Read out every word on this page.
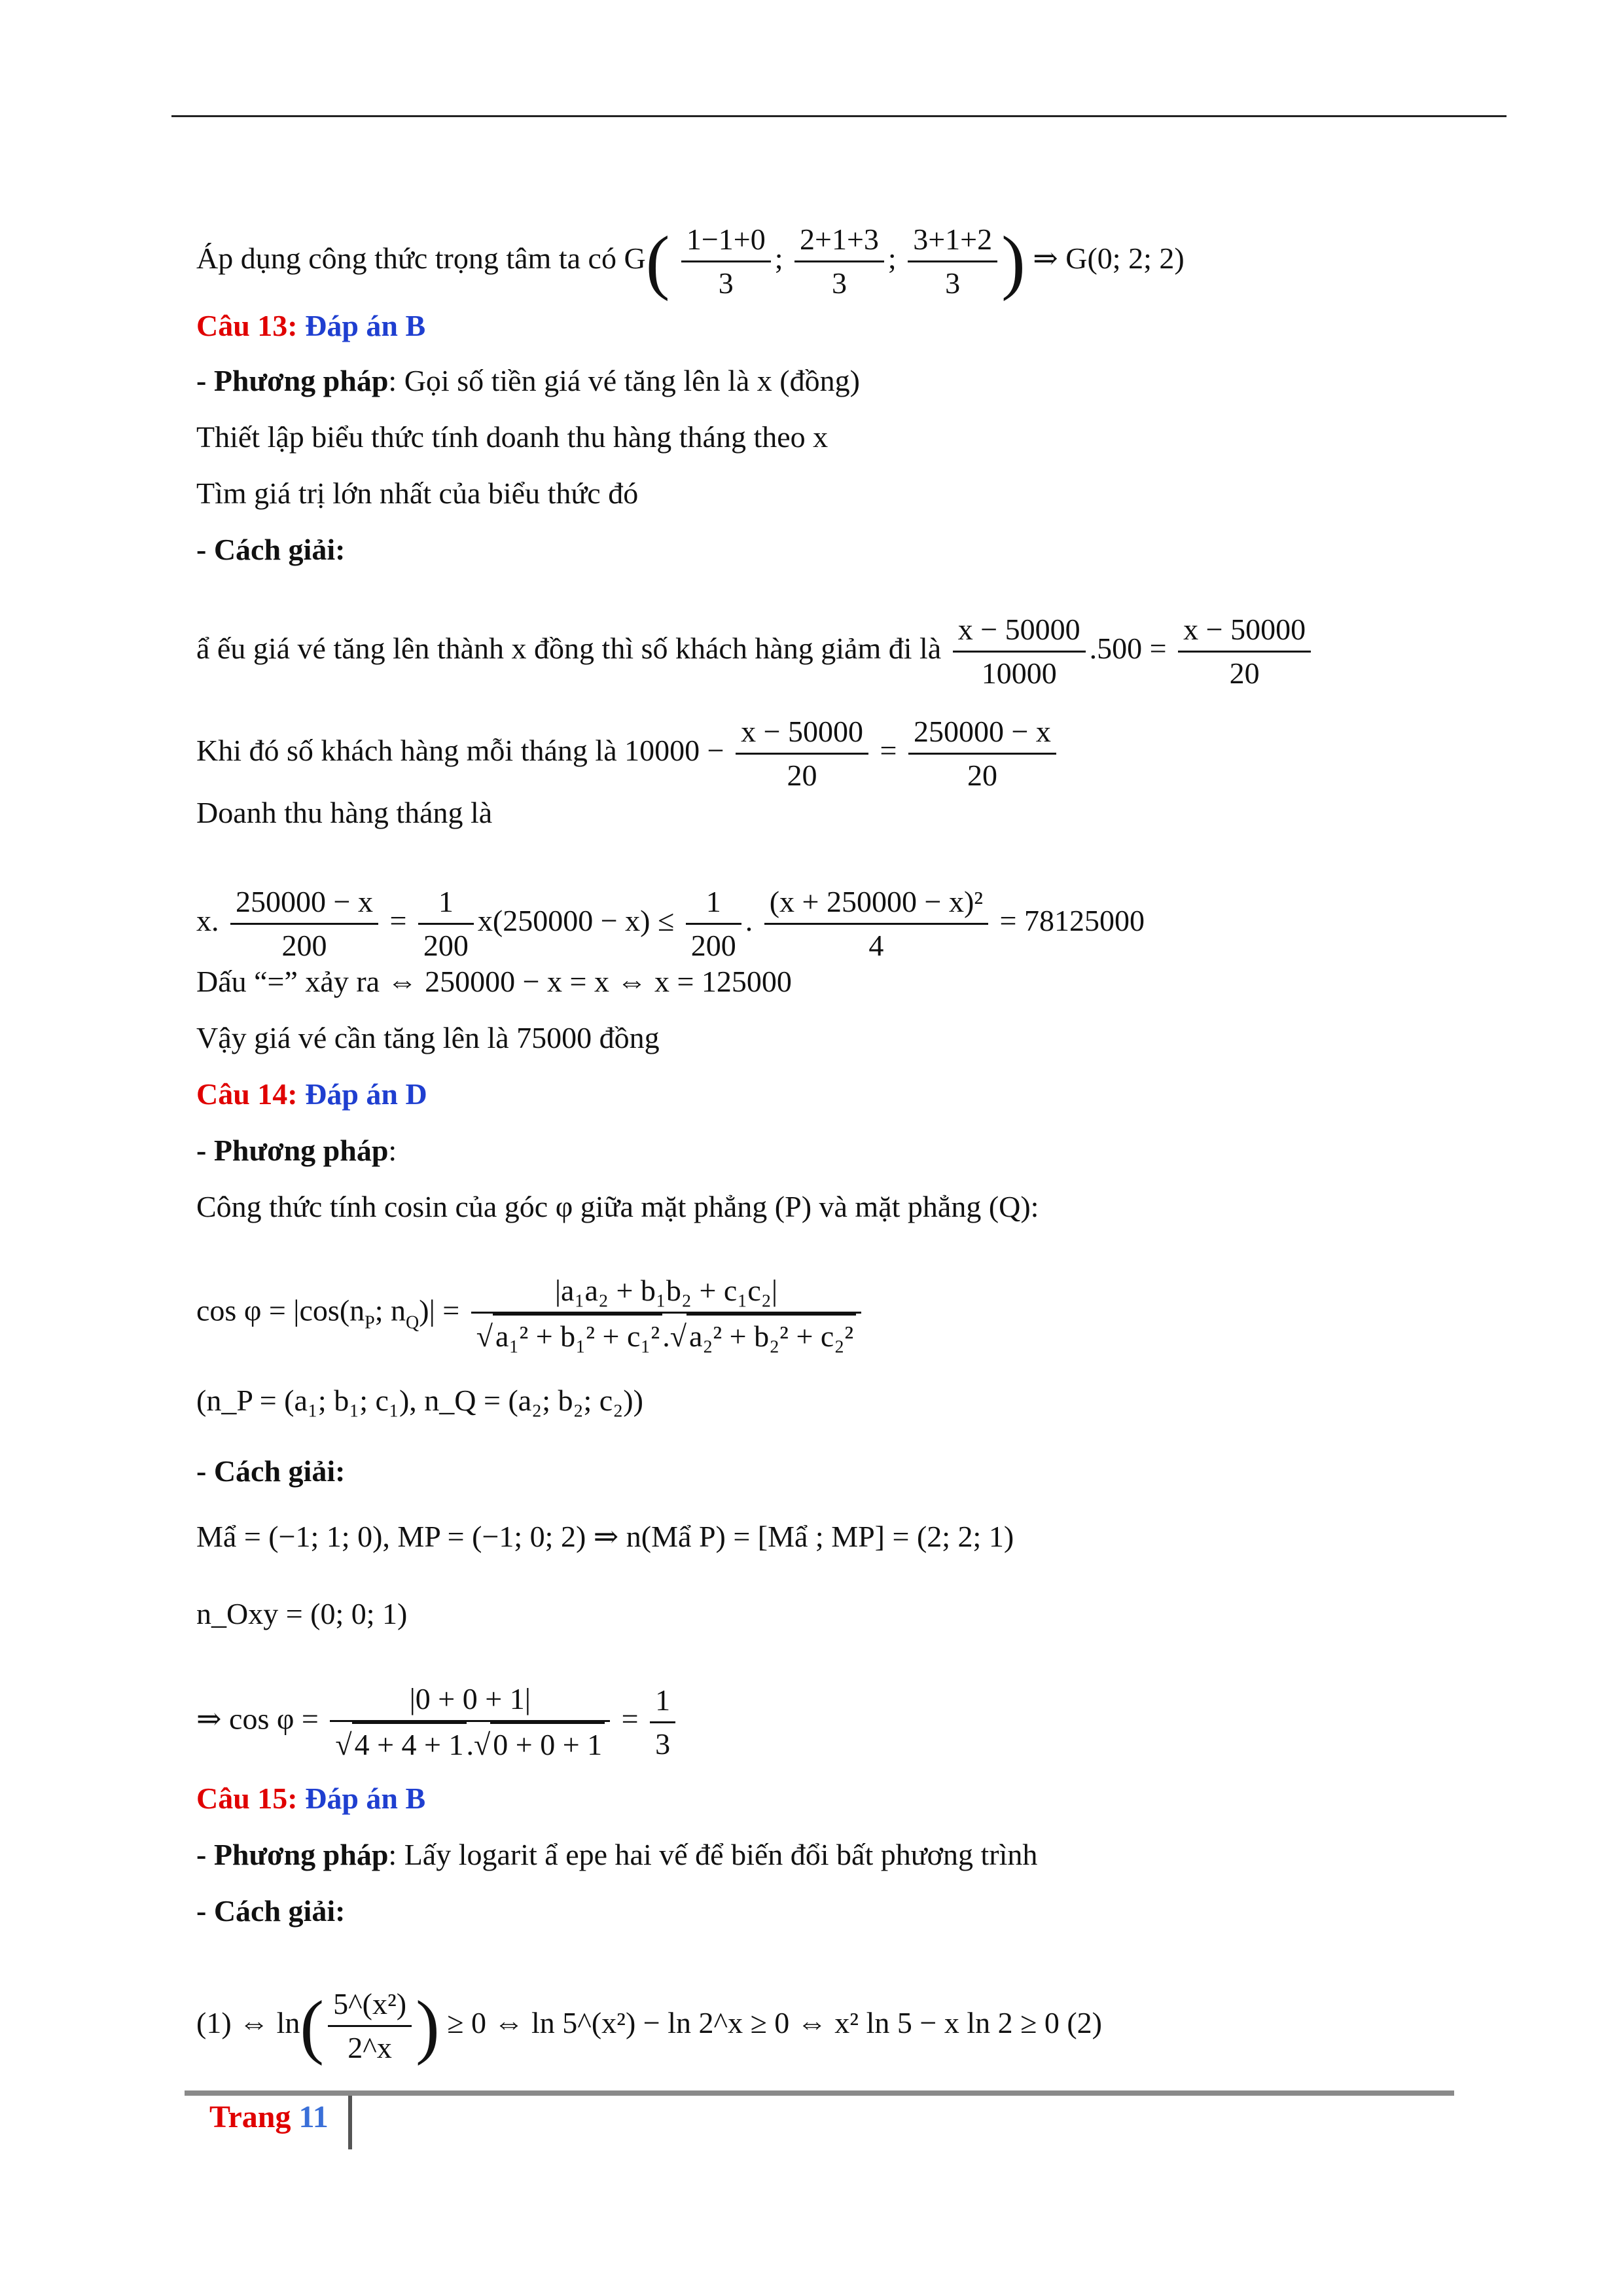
Áp dụng công thức trọng tâm ta có $G( \frac{1-1+0}{3}$ ; $\frac{2+1+3}{3}$ ; $\frac{3+1+2}{3}$ ) ⇒ G(0; 2; 2)
Câu 13: Đáp án B
- Phương pháp: Gọi số tiền giá vé tăng lên là x (đồng)
Thiết lập biểu thức tính doanh thu hàng tháng theo x
Tìm giá trị lớn nhất của biểu thức đó
- Cách giải:
ẩ ếu giá vé tăng lên thành x đồng thì số khách hàng giảm đi là $\frac{x - 50000}{10000} .500 = \frac{x - 50000}{20}$
Khi đó số khách hàng mỗi tháng là $10000 - \frac{x - 50000}{20} = \frac{250000 - x}{20}$
Doanh thu hàng tháng là
x. $\frac{250000 - x}{200} = \frac{1}{200} x(250000 - x) \le \frac{1}{200}$ . $\frac{\text{(x + 250000 − x)²}}{4} = 78125000$
Dấu “=” xảy ra ⇔ 250000 − x = x ⇔ x = 125000
Vậy giá vé cần tăng lên là 75000 đồng
Câu 14: Đáp án D
- Phương pháp:
Công thức tính cosin của góc φ giữa mặt phẳng (P) và mặt phẳng (Q):
$\cos \varphi = |\cos(n_P$; $n_Q)| = \frac{\text{|a₁a₂ + b₁b₂ + c₁c₂|}}{\text{√a₁² + b₁² + c₁².√a₂² + b₂² + c₂²}}$
(n_P = (a₁; b₁; c₁), n_Q = (a₂; b₂; c₂))
- Cách giải:
Mẩ = (−1; 1; 0), MP = (−1; 0; 2) ⇒ n(Mẩ P) = [Mẩ ; MP] = (2; 2; 1)
n_Oxy = (0; 0; 1)
⇒ $\cos \varphi = \frac{|0 + 0 + 1|}{√4 + 4 + 1.√0 + 0 + 1} = \frac{1}{3}$
Câu 15: Đáp án B
- Phương pháp: Lấy logarit ẩ epe hai vế để biến đổi bất phương trình
- Cách giải:
(1) ⇔ $\ln( \frac{\text{5\textasciicircum{}(x²)}}{2\^{}x}$ ) ≥ 0 ⇔ ln 5^(x²) − ln 2^x ≥ 0 ⇔ x² ln 5 − x ln 2 ≥ 0 (2)
Trang 11
